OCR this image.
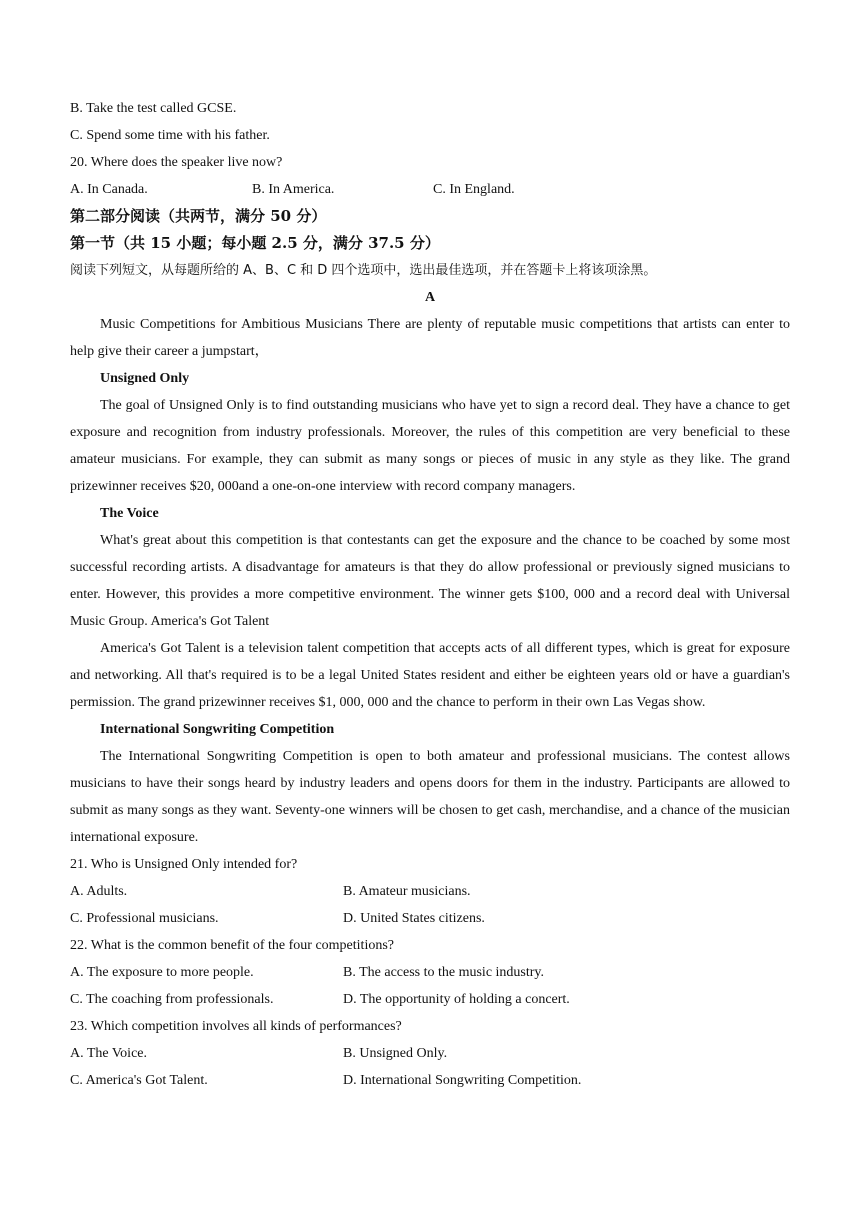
B. Take the test called GCSE.
C. Spend some time with his father.
20. Where does the speaker live now?
A. In Canada.	B. In America.	C. In England.
第二部分阅读（共两节，满分 50 分）
第一节（共 15 小题；每小题 2.5 分，满分 37.5 分）
阅读下列短文，从每题所给的 A、B、C 和 D 四个选项中，选出最佳选项，并在答题卡上将该项涂黑。
A
Music Competitions for Ambitious Musicians There are plenty of reputable music competitions that artists can enter to help give their career a jumpstart，
Unsigned Only
The goal of Unsigned Only is to find outstanding musicians who have yet to sign a record deal. They have a chance to get exposure and recognition from industry professionals. Moreover, the rules of this competition are very beneficial to these amateur musicians. For example, they can submit as many songs or pieces of music in any style as they like. The grand prizewinner receives $20, 000and a one-on-one interview with record company managers.
The Voice
What's great about this competition is that contestants can get the exposure and the chance to be coached by some most successful recording artists. A disadvantage for amateurs is that they do allow professional or previously signed musicians to enter. However, this provides a more competitive environment. The winner gets $100, 000 and a record deal with Universal Music Group. America's Got Talent
America's Got Talent is a television talent competition that accepts acts of all different types, which is great for exposure and networking. All that's required is to be a legal United States resident and either be eighteen years old or have a guardian's permission. The grand prizewinner receives $1, 000, 000 and the chance to perform in their own Las Vegas show.
International Songwriting Competition
The International Songwriting Competition is open to both amateur and professional musicians. The contest allows musicians to have their songs heard by industry leaders and opens doors for them in the industry. Participants are allowed to submit as many songs as they want. Seventy-one winners will be chosen to get cash, merchandise, and a chance of the musician international exposure.
21. Who is Unsigned Only intended for?
A. Adults.	B. Amateur musicians.
C. Professional musicians.	D. United States citizens.
22. What is the common benefit of the four competitions?
A. The exposure to more people.	B. The access to the music industry.
C. The coaching from professionals.	D. The opportunity of holding a concert.
23. Which competition involves all kinds of performances?
A. The Voice.	B. Unsigned Only.
C. America's Got Talent.	D. International Songwriting Competition.
